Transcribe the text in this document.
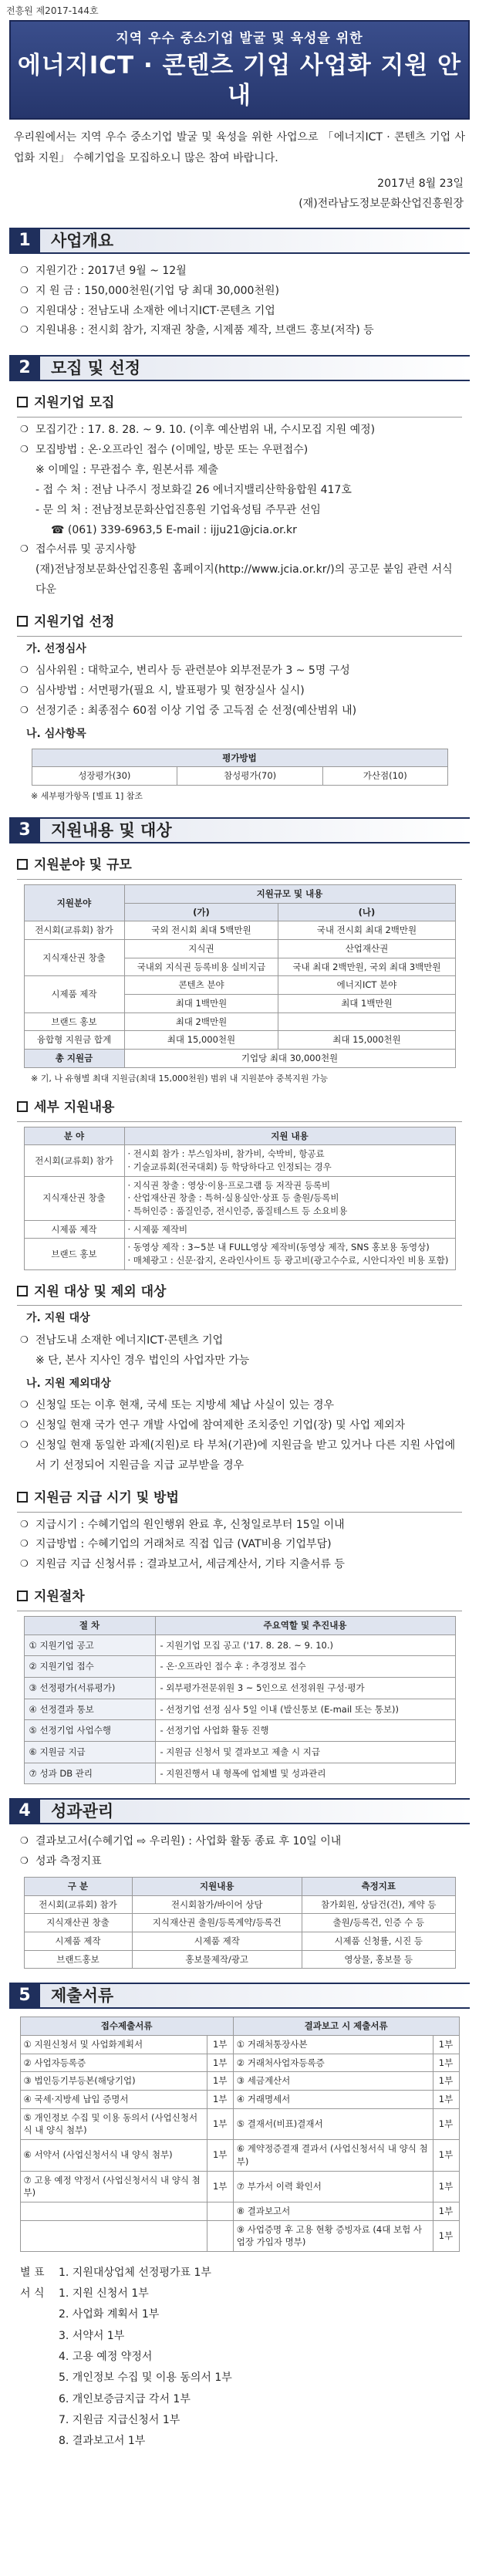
전흥원 제2017-144호
지역 우수 중소기업 발굴 및 육성을 위한
에너지ICT · 콘텐츠 기업 사업화 지원 안내

우리원에서는 지역 우수 중소기업 발굴 및 육성을 위한 사업으로 「에너지ICT · 콘텐츠 기업 사업화 지원」 수혜기업을 모집하오니 많은 참여 바랍니다.

2017년 8월 23일
(재)전라남도정보문화산업진흥원장
1	사업개요
❍ 지원기간 : 2017년 9월 ~ 12월
❍ 지 원 금 : 150,000천원(기업 당 최대 30,000천원)
❍ 지원대상 : 전남도내 소재한 에너지ICT·콘텐츠 기업
❍ 지원내용 : 전시회 참가, 지재권 창출, 시제품 제작, 브랜드 홍보(저작) 등
2	모집 및 선정
지원기업 모집
❍ 모집기간 : 17. 8. 28. ~ 9. 10. (이후 예산범위 내, 수시모집 지원 예정)
❍ 모집방법 : 온·오프라인 접수 (이메일, 방문 또는 우편접수)
※ 이메일 : 무관접수 후, 원본서류 제출
- 접 수 처 : 전남 나주시 정보화길 26 에너지밸리산학융합원 417호
- 문 의 처 : 전남정보문화산업진흥원 기업육성팀 주무관 선임
☎ (061) 339-6963,5 E-mail : ijju21@jcia.or.kr
❍ 접수서류 및 공지사항
(재)전남정보문화산업진흥원 홈페이지(http://www.jcia.or.kr/)의 공고문 붙임 관련 서식 다운
지원기업 선정
가. 선정심사
❍ 심사위원 : 대학교수, 변리사 등 관련분야 외부전문가 3 ~ 5명 구성
❍ 심사방법 : 서면평가(필요 시, 발표평가 및 현장실사 실시)
❍ 선정기준 : 최종점수 60점 이상 기업 중 고득점 순 선정(예산범위 내)
나. 심사항목
평가방법
성장평가(30)	참성평가(70)	가산점(10)
※ 세부평가항목 [별표 1] 참조
3	지원내용 및 대상
지원분야 및 규모
지원분야	지원규모 및 내용	
	(가)	(나)
전시회(교류회) 참가	국외 전시회 최대 5백만원	국내 전시회 최대 2백만원
지식재산권 창출	지식권	산업재산권
	국내외 지식권 등록비용 실비지급	국내 최대 2백만원, 국외 최대 3백만원
시제품 제작	콘텐츠 분야	에너지ICT 분야
	최대 1백만원	최대 1백만원
브랜드 홍보	최대 2백만원	
융합형 지원금 합계	최대 15,000천원	최대 15,000천원
총 지원금	기업당 최대 30,000천원	
※ 기, 나 유형별 최대 지원금(최대 15,000천원) 범위 내 지원분야 중복지원 가능
세부 지원내용
분 야	지원 내용
전시회(교류회) 참가	· 전시회 참가 : 부스임차비, 참가비, 숙박비, 항공료
· 기술교류회(전국대회) 등 학당하다고 인정되는 경우
지식재산권 창출	· 지식권 창출 : 영상·이용·프로그램 등 저작권 등록비
· 산업재산권 창출 : 특허·실용실안·상표 등 출원/등록비
· 특허인증 : 품질인증, 전시인증, 품질테스트 등 소요비용
시제품 제작	· 시제품 제작비
브랜드 홍보	· 동영상 제작 : 3~5분 내 FULL영상 제작비(동영상 제작, SNS 홍보용 동영상)
· 매체광고 : 신문·잡지, 온라인사이트 등 광고비(광고수수료, 시안디자인 비용 포함)
지원 대상 및 제외 대상
가. 지원 대상
❍ 전남도내 소재한 에너지ICT·콘텐츠 기업
※ 단, 본사 지사인 경우 법인의 사업자만 가능
나. 지원 제외대상
❍ 신청일 또는 이후 현재, 국세 또는 지방세 체납 사실이 있는 경우
❍ 신청일 현재 국가 연구 개발 사업에 참여제한 조치중인 기업(장) 및 사업 제외자
❍ 신청일 현재 동일한 과제(지원)로 타 부처(기관)에 지원금을 받고 있거나 다른 지원 사업에서 기 선정되어 지원금을 지급 교부받을 경우
지원금 지급 시기 및 방법
❍ 지급시기 : 수혜기업의 원인행위 완료 후, 신청일로부터 15일 이내
❍ 지급방법 : 수혜기업의 거래처로 직접 입금 (VAT비용 기업부담)
❍ 지원금 지급 신청서류 : 결과보고서, 세금계산서, 기타 지출서류 등
지원절차
절 차	주요역할 및 추진내용
① 지원기업 공고	- 지원기업 모집 공고 ('17. 8. 28. ~ 9. 10.)
② 지원기업 접수	- 온·오프라인 접수 후 : 추경정보 접수
③ 선정평가(서류평가)	- 외부평가전문위원 3 ~ 5인으로 선정위원 구성·평가
④ 선정결과 통보	- 선정기업 선정 심사 5일 이내 (발신통보 (E-mail 또는 통보))
⑤ 선정기업 사업수행	- 선정기업 사업화 활동 진행
⑥ 지원금 지급	- 지원금 신청서 및 결과보고 제출 시 지급
⑦ 성과 DB 관리	- 지원진행서 내 형폭에 업체별 및 성과관리
4	성과관리
❍ 결과보고서(수혜기업 ⇨ 우리원) : 사업화 활동 종료 후 10일 이내
❍ 성과 측정지표
구 분	지원내용	측정지표
전시회(교류회) 참가	전시회참가/바이어 상담	참가회원, 상담건(건), 계약 등
지식재산권 창출	지식재산권 출원/등록계약/등록건	출원/등록건, 인증 수 등
시제품 제작	시제품 제작	시제품 신청률, 시진 등
브랜드홍보	홍보물제작/광고	영상물, 홍보물 등
5	제출서류
접수제출서류		결과보고 시 제출서류	
① 지원신청서 및 사업화계획서	1부	① 거래처통장사본	1부
② 사업자등록증	1부	② 거래처사업자등록증	1부
③ 법인등기부등본(해당기업)	1부	③ 세금계산서	1부
④ 국세·지방세 납입 증명서	1부	④ 거래명세서	1부
⑤ 개인정보 수집 및 이용 동의서 (사업신청서식 내 양식 첨부)	1부	⑤ 결재서(비표)결재서	1부
⑥ 서약서 (사업신청서식 내 양식 첨부)	1부	⑥ 계약정증결재 결과서 (사업신청서식 내 양식 첨부)	1부
⑦ 고용 예정 약정서 (사업신청서식 내 양식 첨부)	1부	⑦ 부가서 이력 확인서	1부
		⑧ 결과보고서	1부
		⑨ 사업증명 후 고용 현황 증빙자료 (4대 보험 사업장 가입자 명부)	1부
별 표 1. 지원대상업체 선정평가표 1부
서 식 1. 지원 신청서 1부
2. 사업화 계획서 1부
3. 서약서 1부
4. 고용 예정 약정서
5. 개인정보 수집 및 이용 동의서 1부
6. 개인보증금지급 각서 1부
7. 지원금 지급신청서 1부
8. 결과보고서 1부
